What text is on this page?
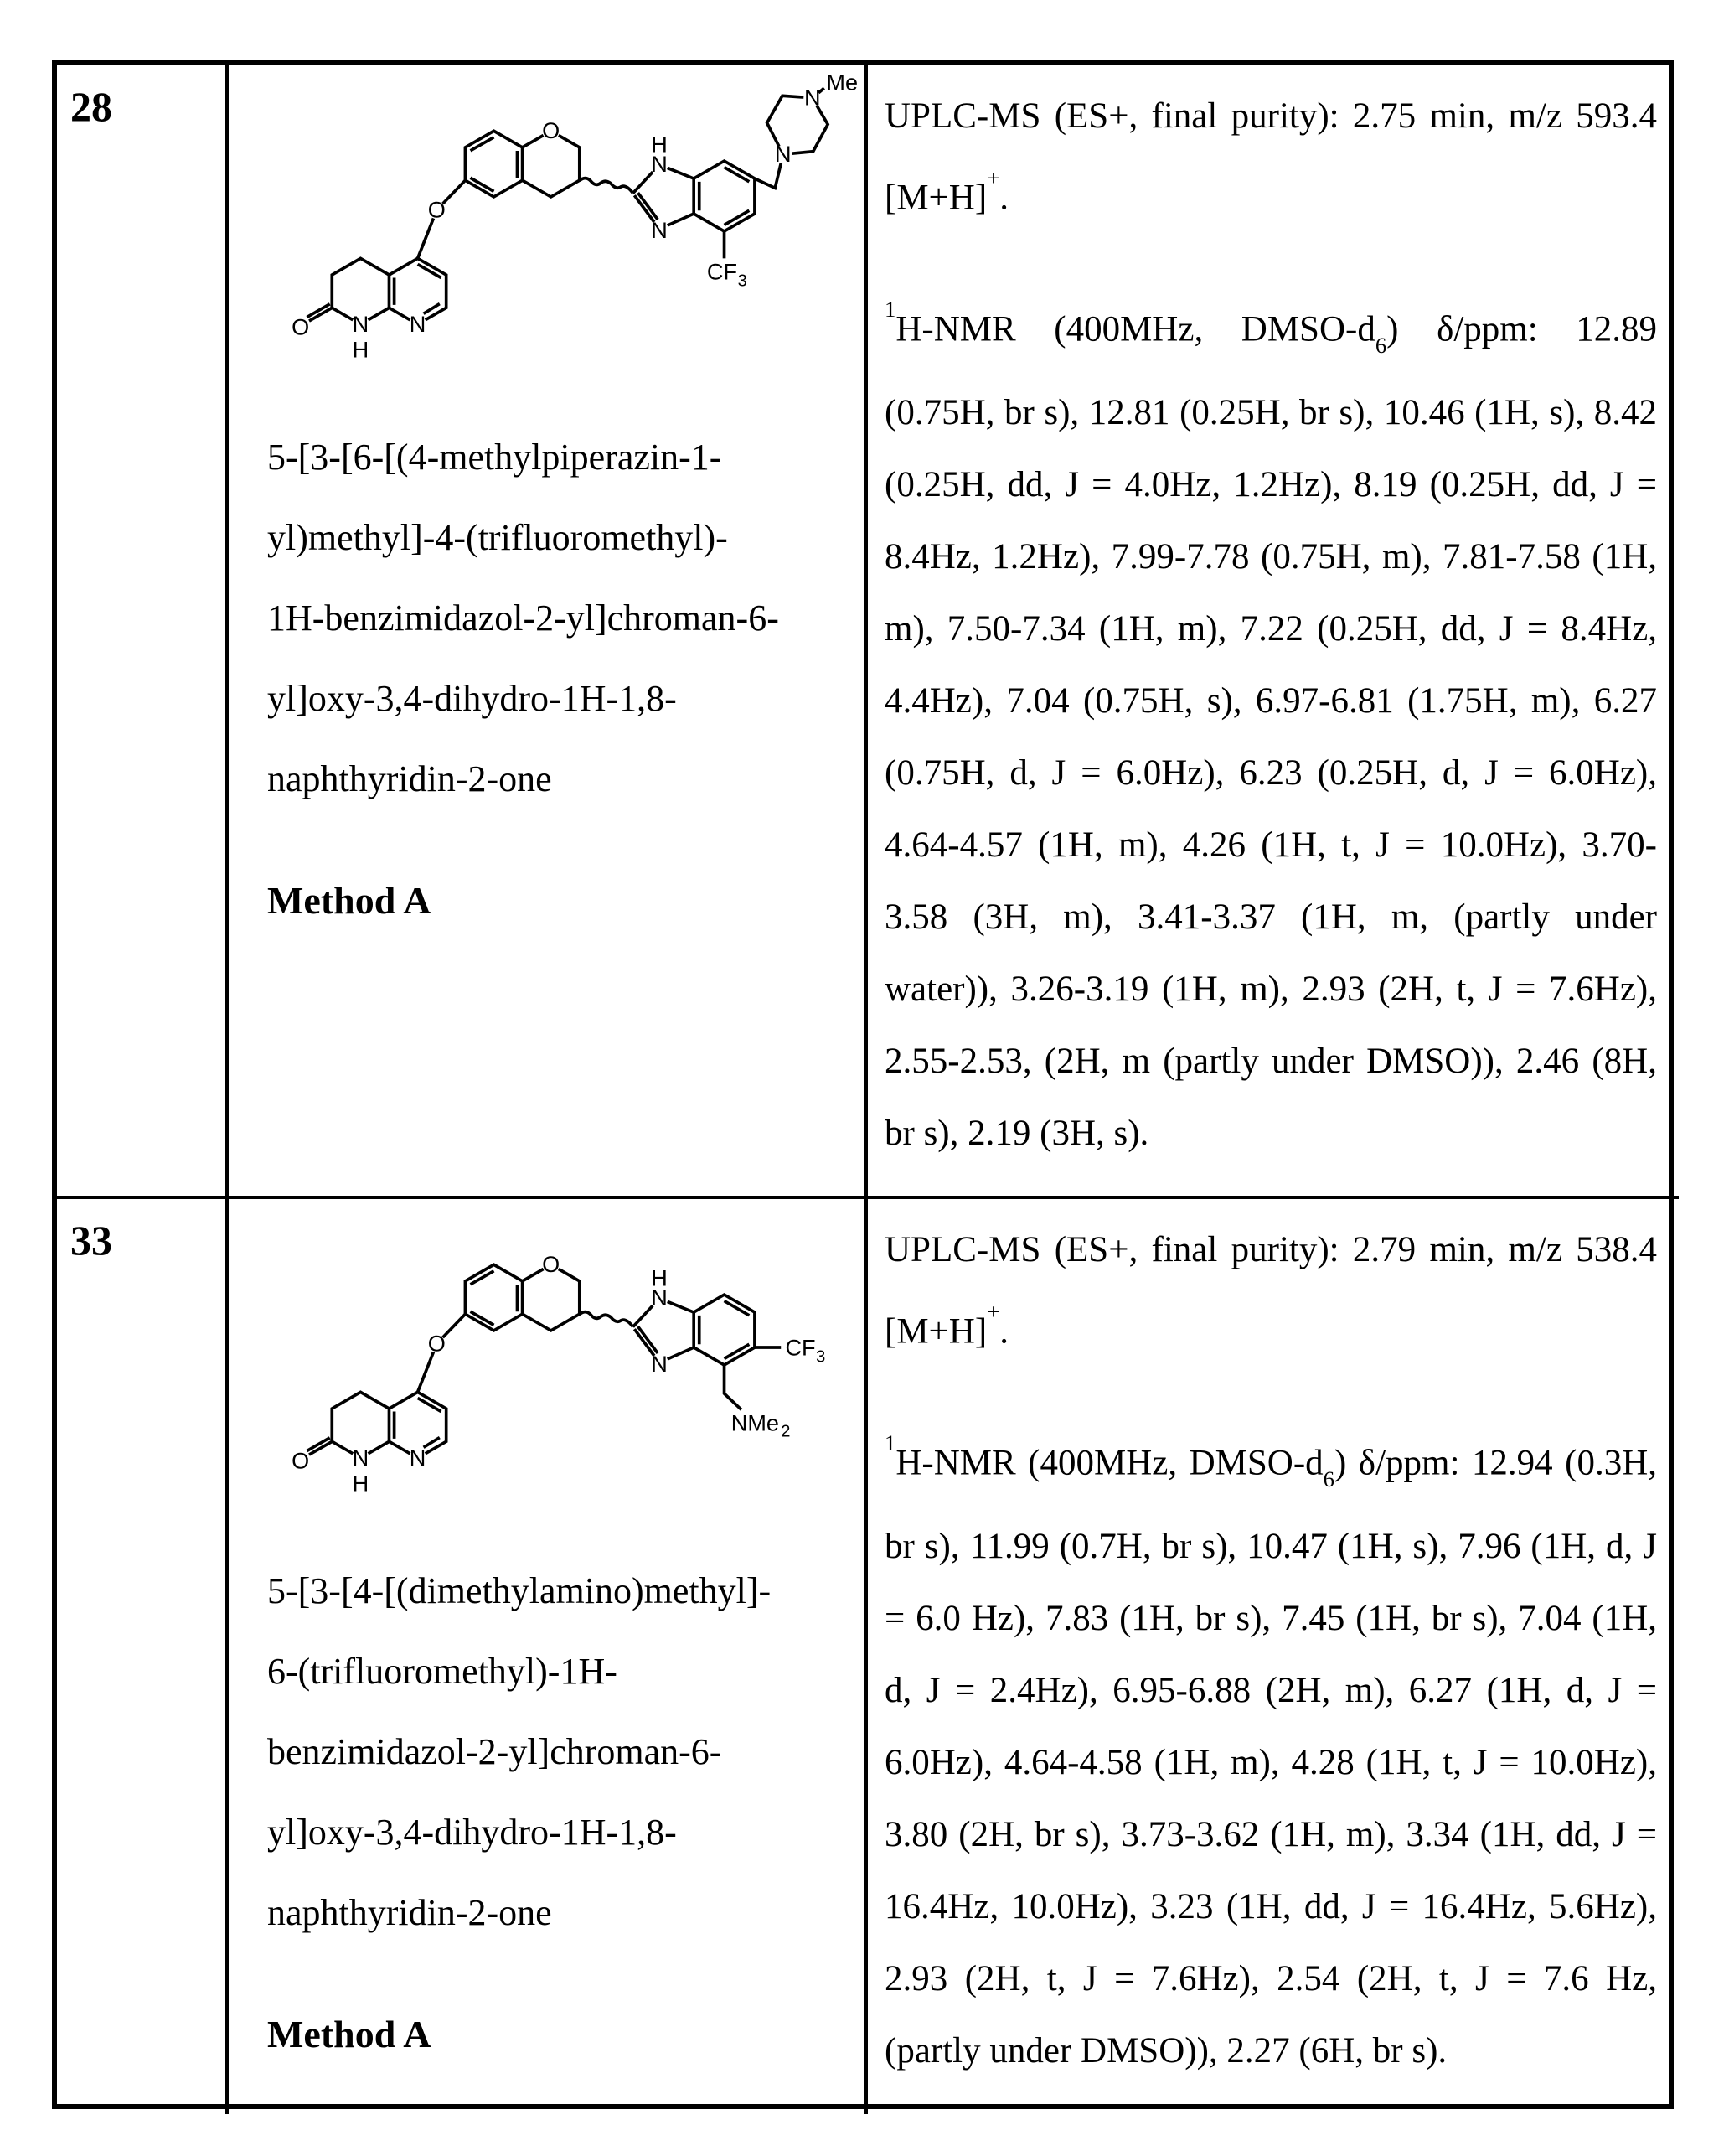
28
O
O
O	N
N
H
N
H
N
CF 3
N
N
Me
5-[3-[6-[(4-methylpiperazin-1-
yl)methyl]-4-(trifluoromethyl)-
1H-benzimidazol-2-yl]chroman-6-
yl]oxy-3,4-dihydro-1H-1,8-
naphthyridin-2-one
Method A
UPLC-MS (ES+, final purity): 2.75 min, m/z 593.4 [M+H]+.
$^1$H-NMR (400MHz, DMSO-$d_6$) δ/ppm: 12.89 (0.75H, br s), 12.81 (0.25H, br s), 10.46 (1H, s), 8.42 (0.25H, dd, J = 4.0Hz, 1.2Hz), 8.19 (0.25H, dd, J = 8.4Hz, 1.2Hz), 7.99-7.78 (0.75H, m), 7.81-7.58 (1H, m), 7.50-7.34 (1H, m), 7.22 (0.25H, dd, J = 8.4Hz, 4.4Hz), 7.04 (0.75H, s), 6.97-6.81 (1.75H, m), 6.27 (0.75H, d, J = 6.0Hz), 6.23 (0.25H, d, J = 6.0Hz), 4.64-4.57 (1H, m), 4.26 (1H, t, J = 10.0Hz), 3.70-3.58 (3H, m), 3.41-3.37 (1H, m, (partly under water)), 3.26-3.19 (1H, m), 2.93 (2H, t, J = 7.6Hz), 2.55-2.53, (2H, m (partly under DMSO)), 2.46 (8H, br s), 2.19 (3H, s).
33
O
O
O	N
N
H
N
H
N
CF 3
NMe 2
5-[3-[4-[(dimethylamino)methyl]-
6-(trifluoromethyl)-1H-
benzimidazol-2-yl]chroman-6-
yl]oxy-3,4-dihydro-1H-1,8-
naphthyridin-2-one
Method A
UPLC-MS (ES+, final purity): 2.79 min, m/z 538.4 [M+H]+.
$^1$H-NMR (400MHz, DMSO-$d_6$) δ/ppm: 12.94 (0.3H, br s), 11.99 (0.7H, br s), 10.47 (1H, s), 7.96 (1H, d, J = 6.0 Hz), 7.83 (1H, br s), 7.45 (1H, br s), 7.04 (1H, d, J = 2.4Hz), 6.95-6.88 (2H, m), 6.27 (1H, d, J = 6.0Hz), 4.64-4.58 (1H, m), 4.28 (1H, t, J = 10.0Hz), 3.80 (2H, br s), 3.73-3.62 (1H, m), 3.34 (1H, dd, J = 16.4Hz, 10.0Hz), 3.23 (1H, dd, J = 16.4Hz, 5.6Hz), 2.93 (2H, t, J = 7.6Hz), 2.54 (2H, t, J = 7.6 Hz, (partly under DMSO)), 2.27 (6H, br s).
